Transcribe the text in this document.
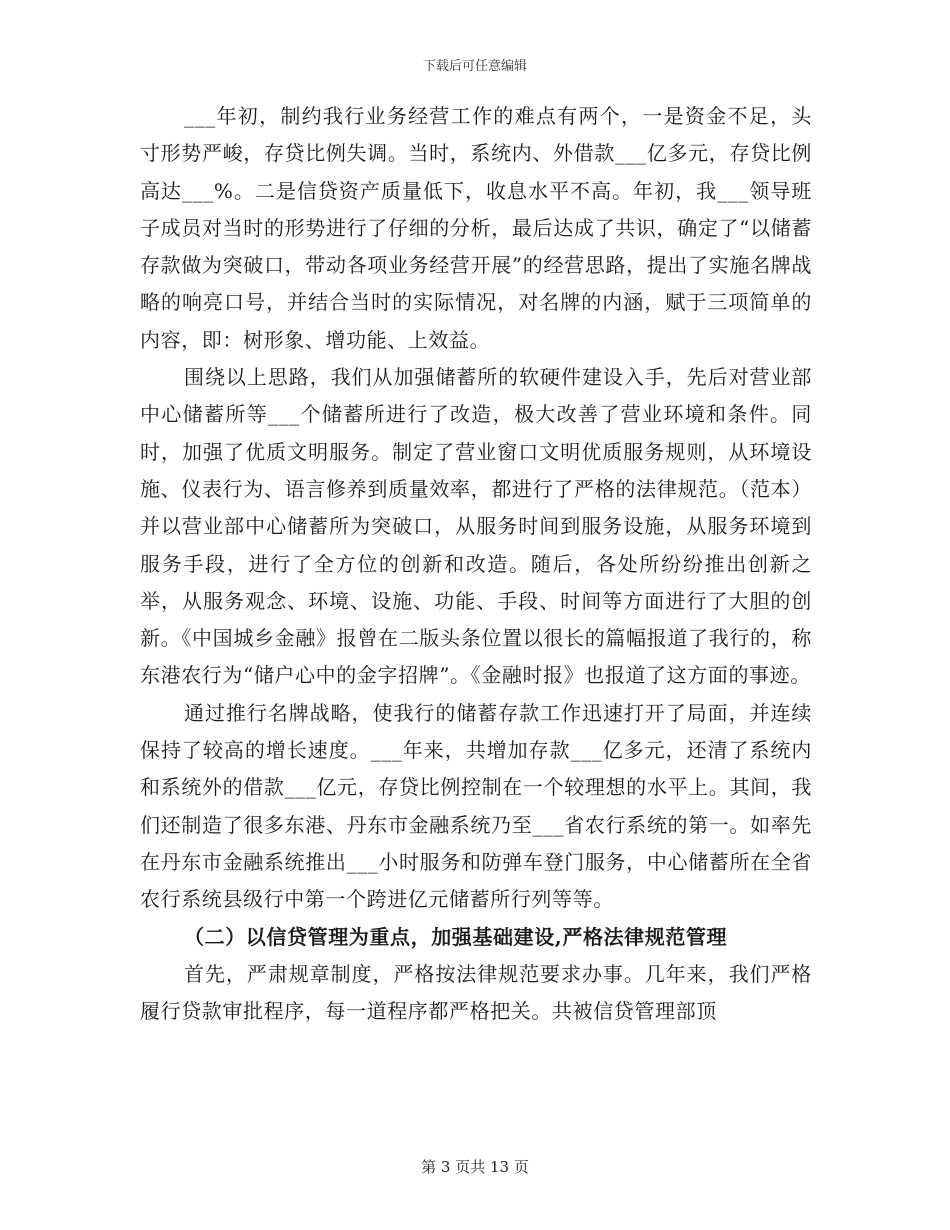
下载后可任意编辑

___年初，制约我行业务经营工作的难点有两个，一是资金不足，头寸形势严峻，存贷比例失调。当时，系统内、外借款___亿多元，存贷比例高达___%。二是信贷资产质量低下，收息水平不高。年初，我___领导班子成员对当时的形势进行了仔细的分析，最后达成了共识，确定了“以储蓄存款做为突破口，带动各项业务经营开展”的经营思路，提出了实施名牌战略的响亮口号，并结合当时的实际情况，对名牌的内涵，赋于三项简单的内容，即：树形象、增功能、上效益。

围绕以上思路，我们从加强储蓄所的软硬件建设入手，先后对营业部中心储蓄所等___个储蓄所进行了改造，极大改善了营业环境和条件。同时，加强了优质文明服务。制定了营业窗口文明优质服务规则，从环境设施、仪表行为、语言修养到质量效率，都进行了严格的法律规范。（范本）并以营业部中心储蓄所为突破口，从服务时间到服务设施，从服务环境到服务手段，进行了全方位的创新和改造。随后，各处所纷纷推出创新之举，从服务观念、环境、设施、功能、手段、时间等方面进行了大胆的创新。《中国城乡金融》报曾在二版头条位置以很长的篇幅报道了我行的，称东港农行为“储户心中的金字招牌”。《金融时报》也报道了这方面的事迹。

通过推行名牌战略，使我行的储蓄存款工作迅速打开了局面，并连续保持了较高的增长速度。___年来，共增加存款___亿多元，还清了系统内和系统外的借款___亿元，存贷比例控制在一个较理想的水平上。其间，我们还制造了很多东港、丹东市金融系统乃至___省农行系统的第一。如率先在丹东市金融系统推出___小时服务和防弹车登门服务，中心储蓄所在全省农行系统县级行中第一个跨进亿元储蓄所行列等等。

（二）以信贷管理为重点，加强基础建设,严格法律规范管理

首先，严肃规章制度，严格按法律规范要求办事。几年来，我们严格履行贷款审批程序，每一道程序都严格把关。共被信贷管理部顶

第 3 页共 13 页
